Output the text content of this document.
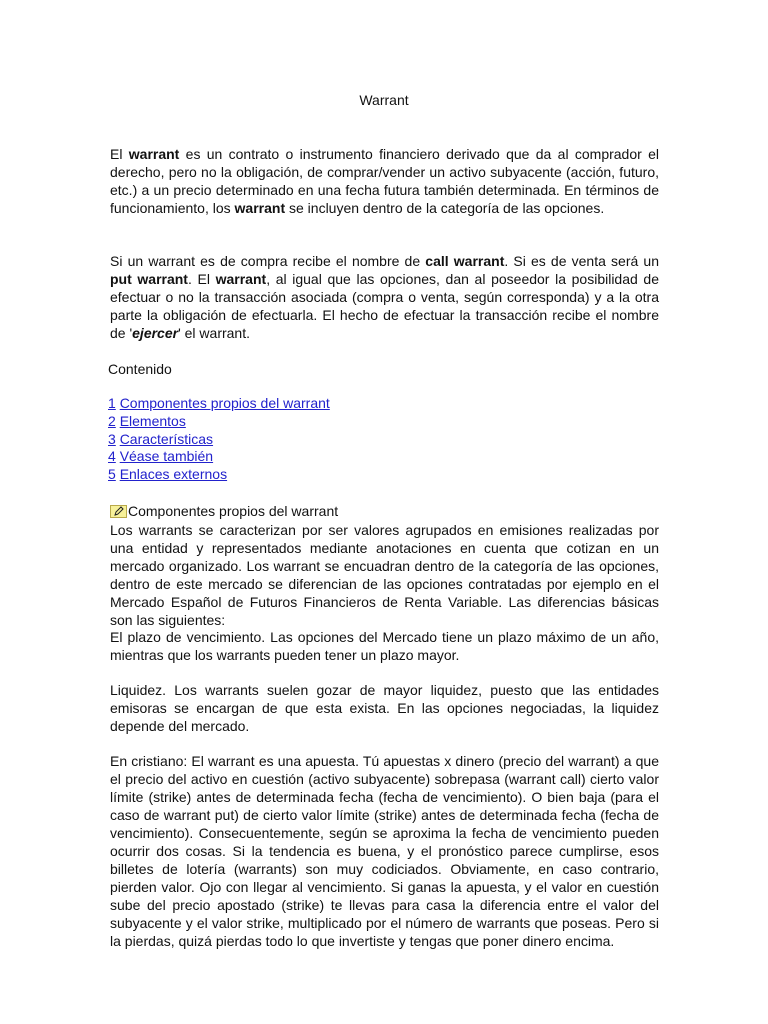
Warrant
El warrant es un contrato o instrumento financiero derivado que da al comprador el derecho, pero no la obligación, de comprar/vender un activo subyacente (acción, futuro, etc.) a un precio determinado en una fecha futura también determinada. En términos de funcionamiento, los warrant se incluyen dentro de la categoría de las opciones.
Si un warrant es de compra recibe el nombre de call warrant. Si es de venta será un put warrant. El warrant, al igual que las opciones, dan al poseedor la posibilidad de efectuar o no la transacción asociada (compra o venta, según corresponda) y a la otra parte la obligación de efectuarla. El hecho de efectuar la transacción recibe el nombre de 'ejercer' el warrant.
Contenido
1 Componentes propios del warrant
2 Elementos
3 Características
4 Véase también
5 Enlaces externos
Componentes propios del warrant
Los warrants se caracterizan por ser valores agrupados en emisiones realizadas por una entidad y representados mediante anotaciones en cuenta que cotizan en un mercado organizado. Los warrant se encuadran dentro de la categoría de las opciones, dentro de este mercado se diferencian de las opciones contratadas por ejemplo en el Mercado Español de Futuros Financieros de Renta Variable. Las diferencias básicas son las siguientes:
El plazo de vencimiento. Las opciones del Mercado tiene un plazo máximo de un año, mientras que los warrants pueden tener un plazo mayor.
Liquidez. Los warrants suelen gozar de mayor liquidez, puesto que las entidades emisoras se encargan de que esta exista. En las opciones negociadas, la liquidez depende del mercado.
En cristiano: El warrant es una apuesta. Tú apuestas x dinero (precio del warrant) a que el precio del activo en cuestión (activo subyacente) sobrepasa (warrant call) cierto valor límite (strike) antes de determinada fecha (fecha de vencimiento). O bien baja (para el caso de warrant put) de cierto valor límite (strike) antes de determinada fecha (fecha de vencimiento). Consecuentemente, según se aproxima la fecha de vencimiento pueden ocurrir dos cosas. Si la tendencia es buena, y el pronóstico parece cumplirse, esos billetes de lotería (warrants) son muy codiciados. Obviamente, en caso contrario, pierden valor. Ojo con llegar al vencimiento. Si ganas la apuesta, y el valor en cuestión sube del precio apostado (strike) te llevas para casa la diferencia entre el valor del subyacente y el valor strike, multiplicado por el número de warrants que poseas. Pero si la pierdas, quizá pierdas todo lo que invertiste y tengas que poner dinero encima.
